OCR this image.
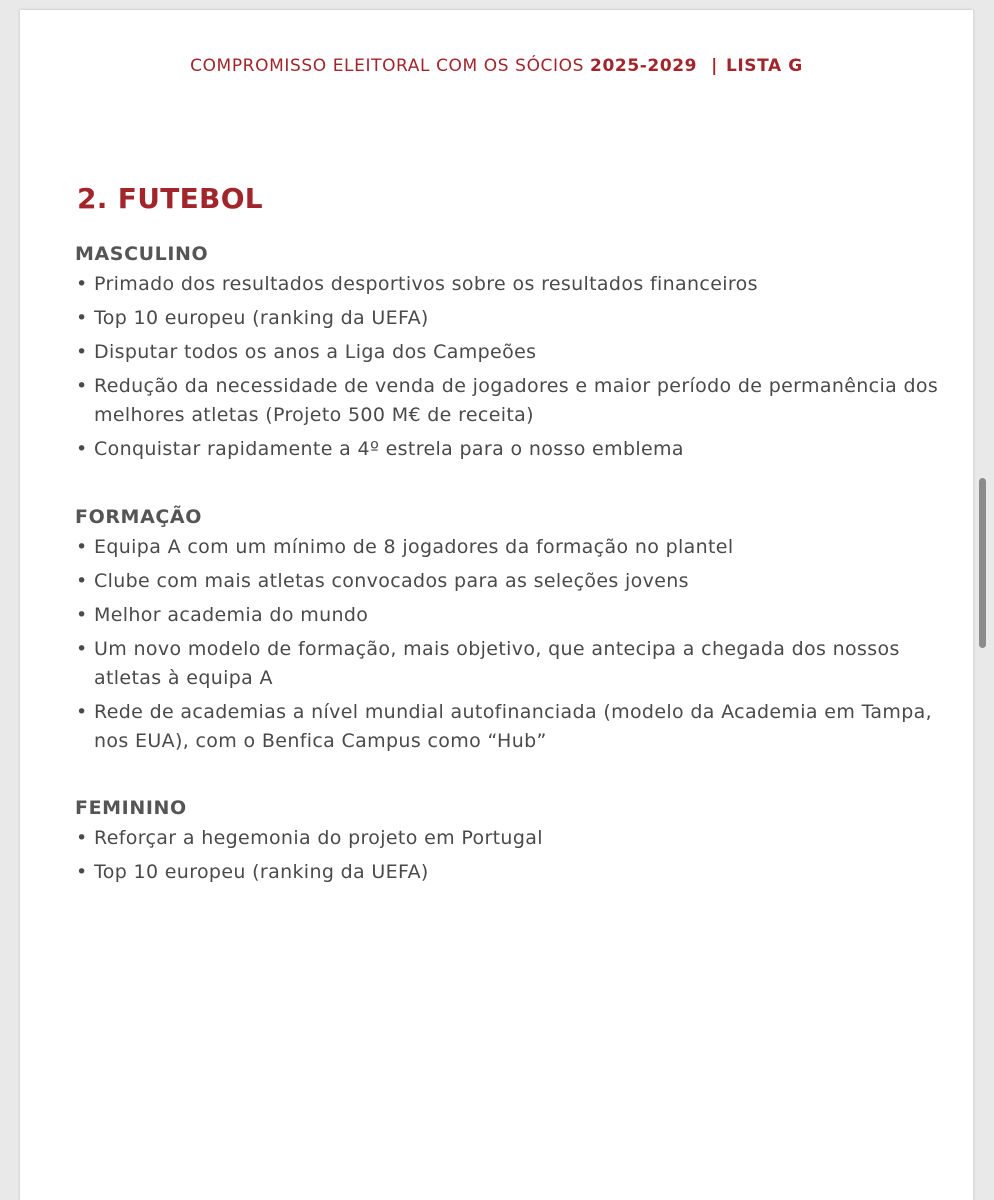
COMPROMISSO ELEITORAL COM OS SÓCIOS 2025-2029 | LISTA G
2. FUTEBOL
MASCULINO
• Primado dos resultados desportivos sobre os resultados financeiros
• Top 10 europeu (ranking da UEFA)
• Disputar todos os anos a Liga dos Campeões
• Redução da necessidade de venda de jogadores e maior período de permanência dos melhores atletas (Projeto 500 M€ de receita)
• Conquistar rapidamente a 4º estrela para o nosso emblema
FORMAÇÃO
• Equipa A com um mínimo de 8 jogadores da formação no plantel
• Clube com mais atletas convocados para as seleções jovens
• Melhor academia do mundo
• Um novo modelo de formação, mais objetivo, que antecipa a chegada dos nossos atletas à equipa A
• Rede de academias a nível mundial autofinanciada (modelo da Academia em Tampa, nos EUA), com o Benfica Campus como “Hub”
FEMININO
• Reforçar a hegemonia do projeto em Portugal
• Top 10 europeu (ranking da UEFA)
